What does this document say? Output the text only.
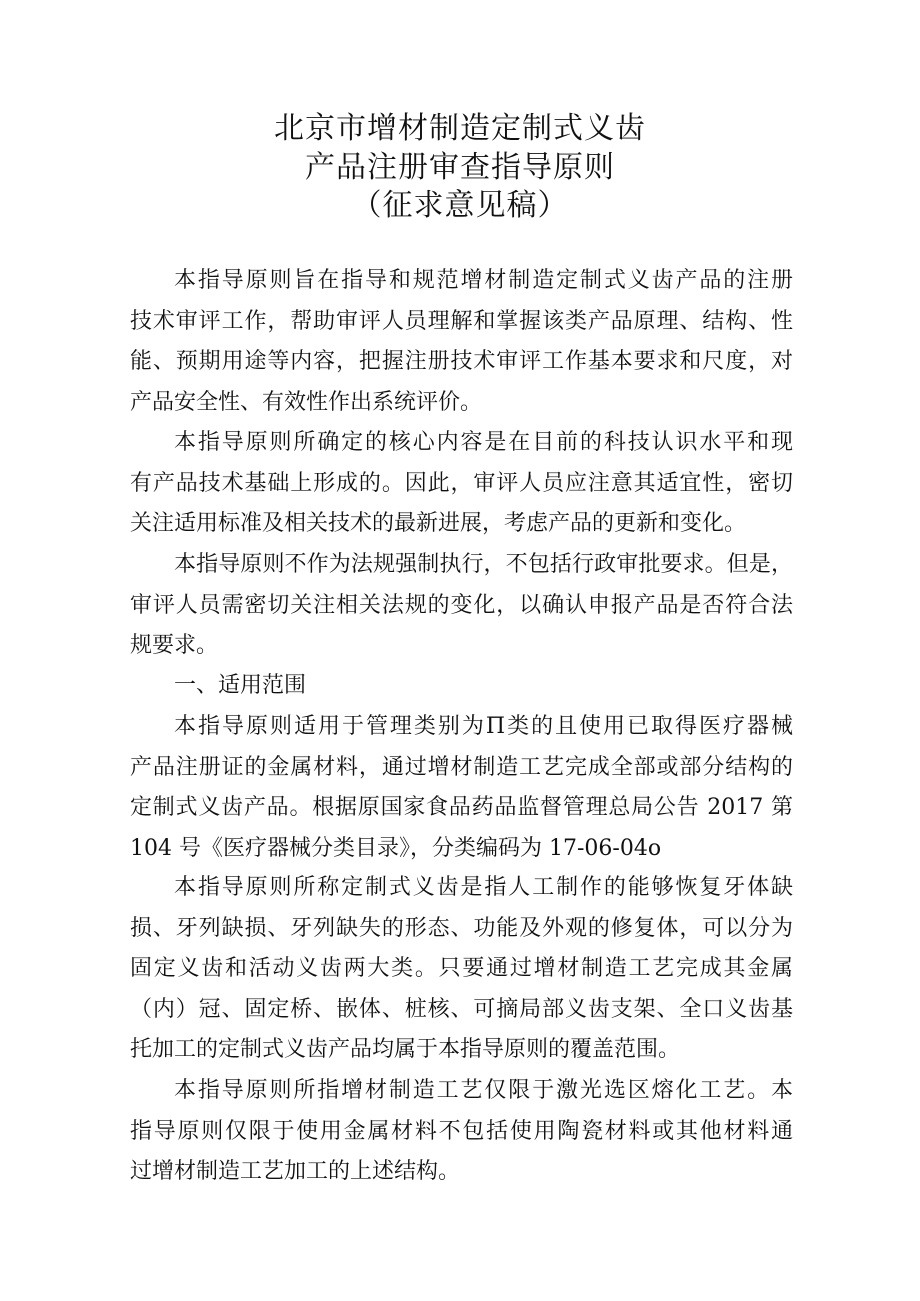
北京市增材制造定制式义齿
产品注册审查指导原则
（征求意见稿）
本指导原则旨在指导和规范增材制造定制式义齿产品的注册
技术审评工作，帮助审评人员理解和掌握该类产品原理、结构、性
能、预期用途等内容，把握注册技术审评工作基本要求和尺度，对
产品安全性、有效性作出系统评价。
本指导原则所确定的核心内容是在目前的科技认识水平和现
有产品技术基础上形成的。因此，审评人员应注意其适宜性，密切
关注适用标准及相关技术的最新进展，考虑产品的更新和变化。
本指导原则不作为法规强制执行，不包括行政审批要求。但是，
审评人员需密切关注相关法规的变化，以确认申报产品是否符合法
规要求。
一、适用范围
本指导原则适用于管理类别为Π类的且使用已取得医疗器械
产品注册证的金属材料，通过增材制造工艺完成全部或部分结构的
定制式义齿产品。根据原国家食品药品监督管理总局公告 2017 第
104 号《医疗器械分类目录》，分类编码为 17-06-04o
本指导原则所称定制式义齿是指人工制作的能够恢复牙体缺
损、牙列缺损、牙列缺失的形态、功能及外观的修复体，可以分为
固定义齿和活动义齿两大类。只要通过增材制造工艺完成其金属
（内）冠、固定桥、嵌体、桩核、可摘局部义齿支架、全口义齿基
托加工的定制式义齿产品均属于本指导原则的覆盖范围。
本指导原则所指增材制造工艺仅限于激光选区熔化工艺。本
指导原则仅限于使用金属材料不包括使用陶瓷材料或其他材料通
过增材制造工艺加工的上述结构。
